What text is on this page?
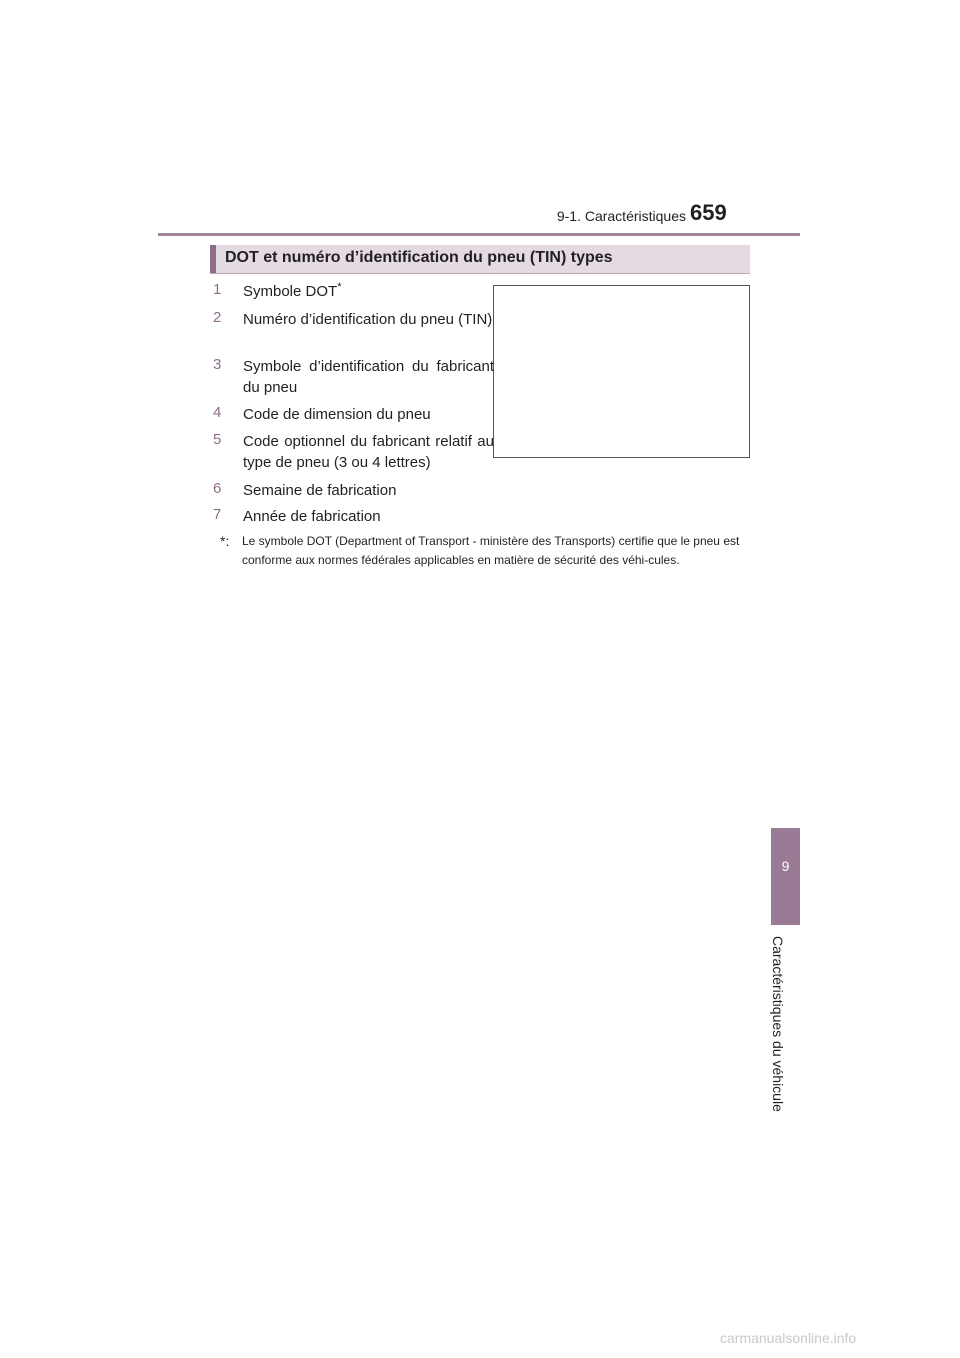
9-1. Caractéristiques 659
9
Caractéristiques du véhicule
DOT et numéro d’identification du pneu (TIN) types
1	Symbole DOT*
2	Numéro d’identification du pneu (TIN)
3	Symbole d’identification du fabricant du pneu
4	Code de dimension du pneu
5	Code optionnel du fabricant relatif au type de pneu (3 ou 4 lettres)
6	Semaine de fabrication
7	Année de fabrication
*: Le symbole DOT (Department of Transport - ministère des Transports) certifie que le pneu est conforme aux normes fédérales applicables en matière de sécurité des véhi-cules.
carmanualsonline.info
